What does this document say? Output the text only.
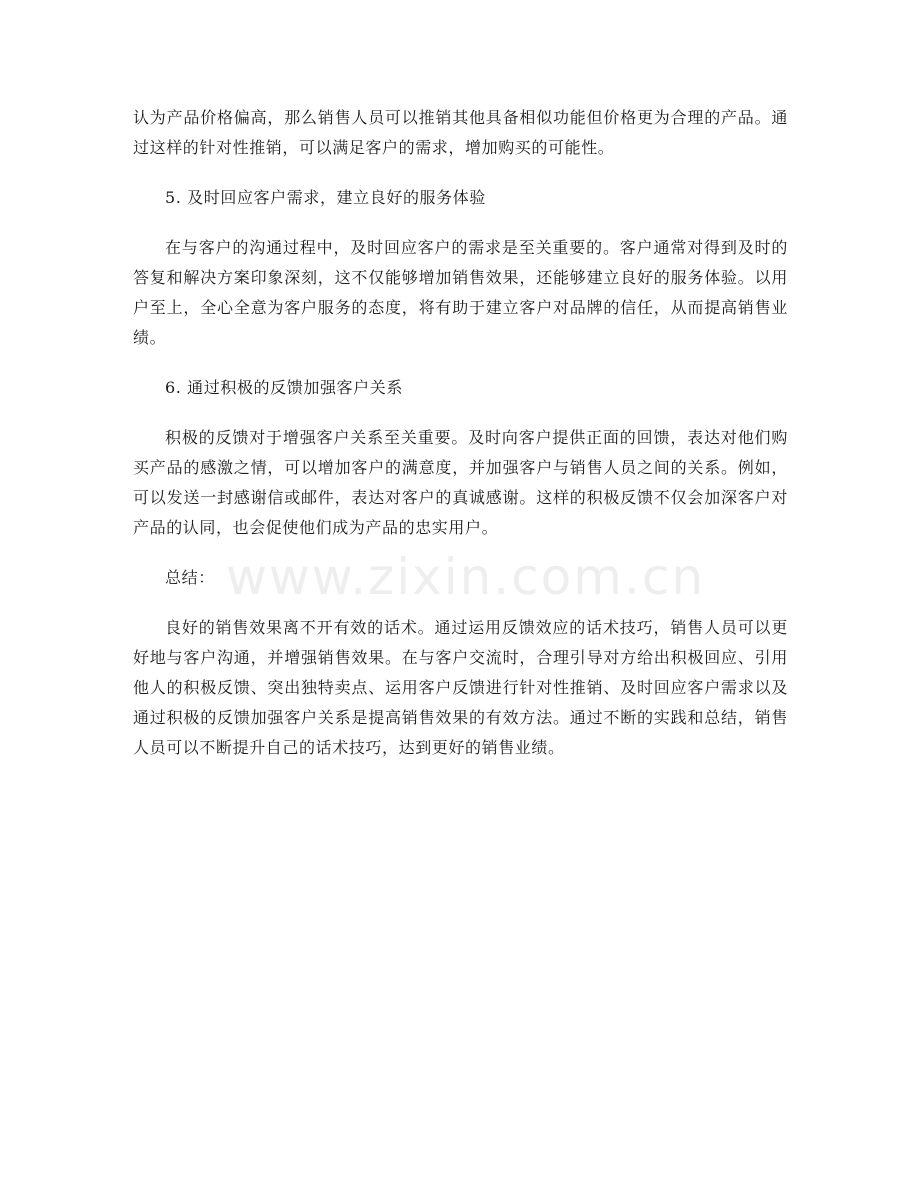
认为产品价格偏高，那么销售人员可以推销其他具备相似功能但价格更为合理的产品。通过这样的针对性推销，可以满足客户的需求，增加购买的可能性。

5. 及时回应客户需求，建立良好的服务体验

在与客户的沟通过程中，及时回应客户的需求是至关重要的。客户通常对得到及时的答复和解决方案印象深刻，这不仅能够增加销售效果，还能够建立良好的服务体验。以用户至上，全心全意为客户服务的态度，将有助于建立客户对品牌的信任，从而提高销售业绩。

6. 通过积极的反馈加强客户关系

积极的反馈对于增强客户关系至关重要。及时向客户提供正面的回馈，表达对他们购买产品的感激之情，可以增加客户的满意度，并加强客户与销售人员之间的关系。例如，可以发送一封感谢信或邮件，表达对客户的真诚感谢。这样的积极反馈不仅会加深客户对产品的认同，也会促使他们成为产品的忠实用户。

总结：

良好的销售效果离不开有效的话术。通过运用反馈效应的话术技巧，销售人员可以更好地与客户沟通，并增强销售效果。在与客户交流时，合理引导对方给出积极回应、引用他人的积极反馈、突出独特卖点、运用客户反馈进行针对性推销、及时回应客户需求以及通过积极的反馈加强客户关系是提高销售效果的有效方法。通过不断的实践和总结，销售人员可以不断提升自己的话术技巧，达到更好的销售业绩。

www.zixin.com.cn
